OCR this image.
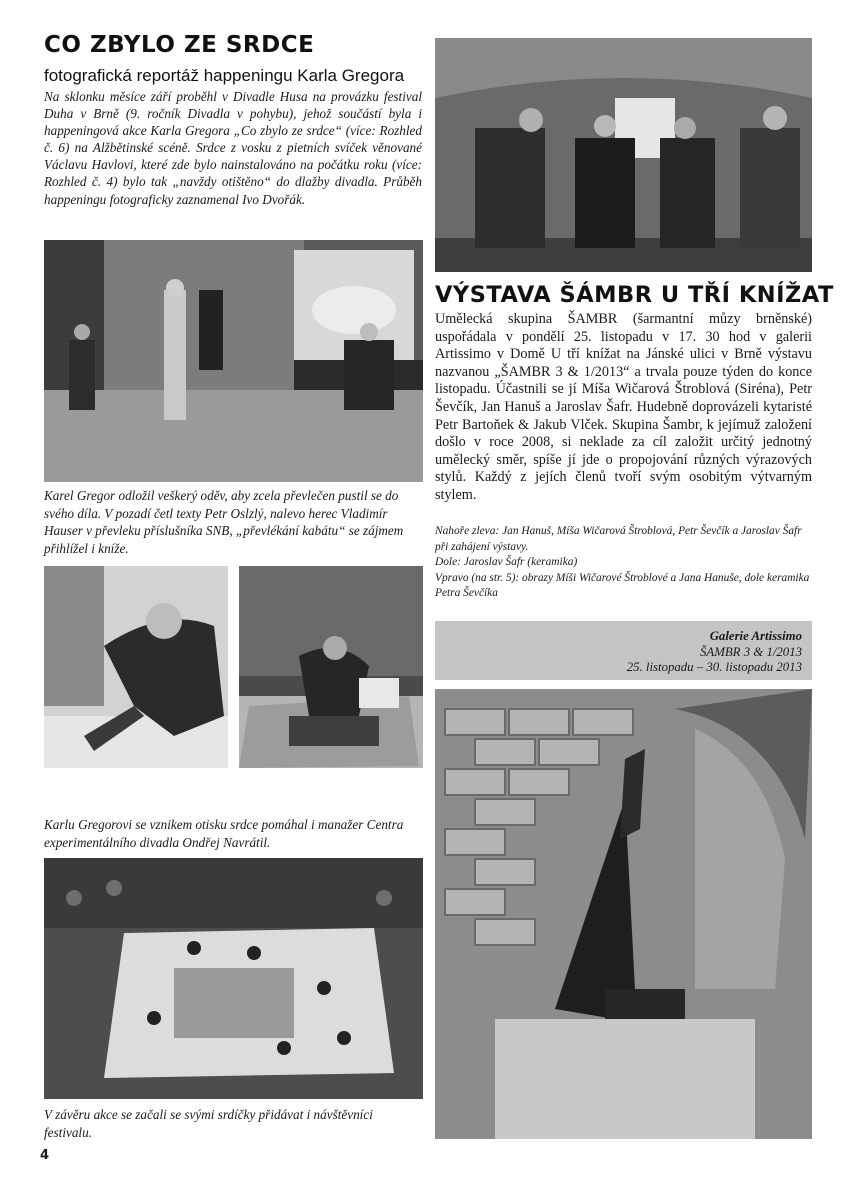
CO ZBYLO ZE SRDCE
fotografická reportáž happeningu Karla Gregora

Na sklonku měsíce září proběhl v Divadle Husa na provázku festival Duha v Brně (9. ročník Divadla v pohybu), jehož součástí byla i happeningová akce Karla Gregora „Co zbylo ze srdce“ (více: Rozhled č. 6) na Alžbětinské scéně. Srdce z vosku z pietních svíček věnované Václavu Havlovi, které zde bylo nainstalováno na počátku roku (více: Rozhled č. 4) bylo tak „navždy otištěno“ do dlažby divadla. Průběh happeningu fotograficky zaznamenal Ivo Dvořák.

Karel Gregor odložil veškerý oděv, aby zcela převlečen pustil se do svého díla. V pozadí četl texty Petr Oslzlý, nalevo herec Vladimír Hauser v převleku příslušníka SNB, „převlékání kabátu“ se zájmem přihlížel i kníže.

Karlu Gregorovi se vznikem otisku srdce pomáhal i manažer Centra experimentálního divadla Ondřej Navrátil.

V závěru akce se začali se svými srdíčky přidávat i návštěvníci festivalu.

4
VÝSTAVA ŠÁMBR U TŘÍ KNÍŽAT

Umělecká skupina ŠAMBR (šarmantní můzy brněnské) uspořádala v pondělí 25. listopadu v 17. 30 hod v galerii Artissimo v Domě U tří knížat na Jánské ulici v Brně výstavu nazvanou „ŠAMBR 3 & 1/2013“ a trvala pouze týden do konce listopadu. Účastnili se jí Míša Wičarová Štroblová (Siréna), Petr Ševčík, Jan Hanuš a Jaroslav Šafr. Hudebně doprovázeli kytaristé Petr Bartoňek & Jakub Vlček. Skupina Šambr, k jejímuž založení došlo v roce 2008, si neklade za cíl založit určitý jednotný umělecký směr, spíše jí jde o propojování různých výrazových stylů. Každý z jejích členů tvoří svým osobitým výtvarným stylem.

Nahoře zleva: Jan Hanuš, Míša Wičarová Štroblová, Petr Ševčík a Jaroslav Šafr při zahájení výstavy.

Dole: Jaroslav Šafr (keramika)

Vpravo (na str. 5): obrazy Míši Wičarové Štroblové a Jana Hanuše, dole keramika Petra Ševčíka

Galerie Artissimo
ŠAMBR 3 & 1/2013
25. listopadu – 30. listopadu 2013
